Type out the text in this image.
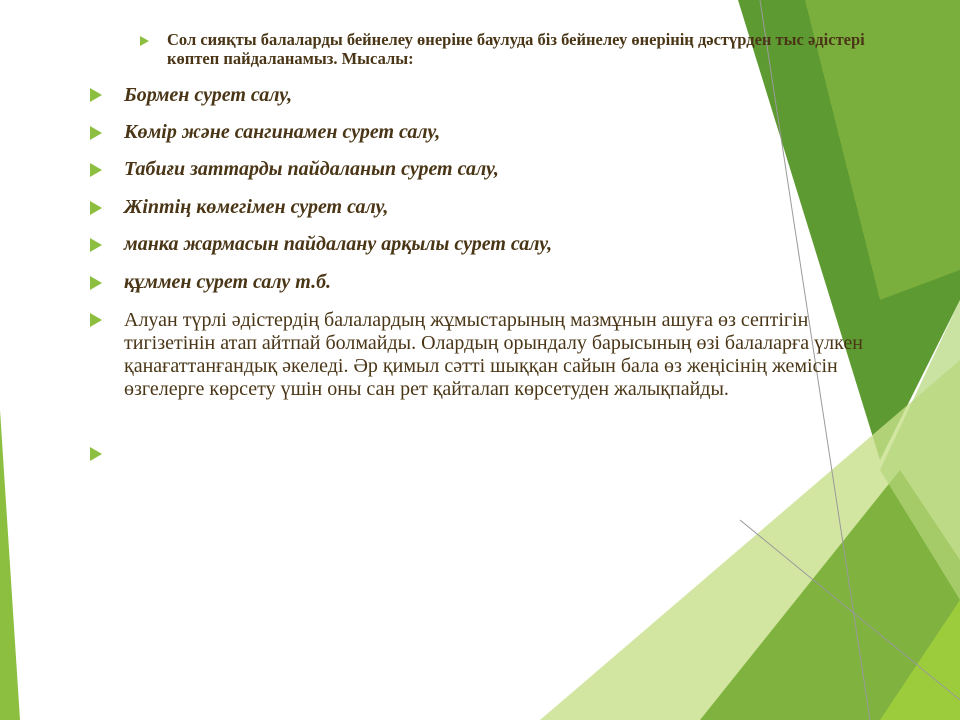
Сол сияқты балаларды бейнелеу өнеріне баулуда біз бейнелеу өнерінің дәстүрден тыс әдістері көптеп пайдаланамыз. Мысалы:
Бормен сурет салу,
Көмір және сангинамен сурет салу,
Табиғи заттарды пайдаланып сурет салу,
Жіптің көмегімен сурет салу,
манка жармасын пайдалану арқылы сурет салу,
құммен сурет салу т.б.
Алуан түрлі әдістердің балалардың жұмыстарының мазмұнын ашуға өз септігін тигізетінін атап айтпай болмайды. Олардың орындалу барысының өзі балаларға үлкен қанағаттанғандық әкеледі. Әр қимыл сәтті шыққан сайын бала өз жеңісінің жемісін өзгелерге көрсету үшін оны сан рет қайталап көрсетуден жалықпайды.
